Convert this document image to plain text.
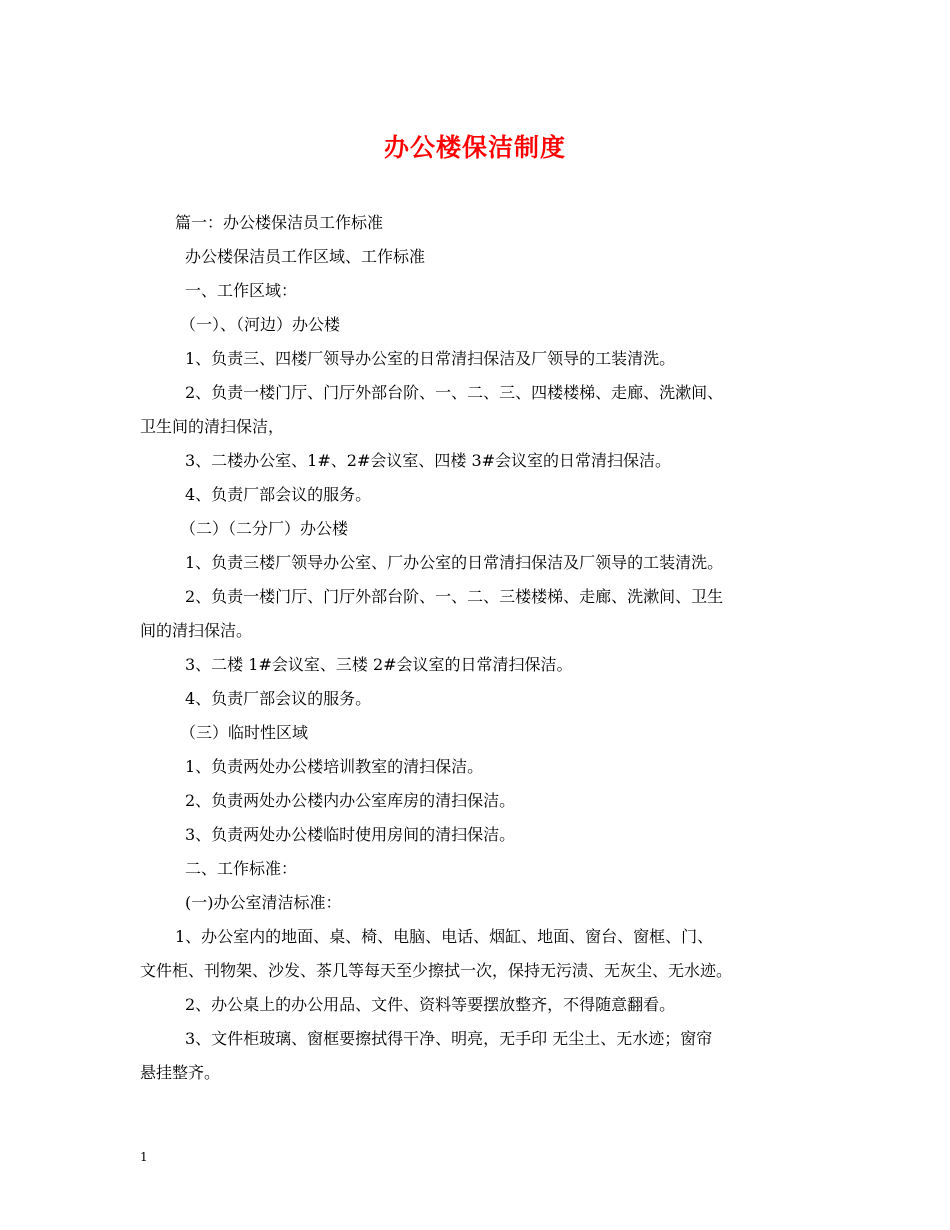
办公楼保洁制度

篇一：办公楼保洁员工作标准

办公楼保洁员工作区域、工作标准

一、工作区域：

（一）、（河边）办公楼

1、负责三、四楼厂领导办公室的日常清扫保洁及厂领导的工装清洗。

2、负责一楼门厅、门厅外部台阶、一、二、三、四楼楼梯、走廊、洗漱间、

卫生间的清扫保洁，

3、二楼办公室、1#、2#会议室、四楼 3#会议室的日常清扫保洁。

4、负责厂部会议的服务。

（二）（二分厂）办公楼

1、负责三楼厂领导办公室、厂办公室的日常清扫保洁及厂领导的工装清洗。

2、负责一楼门厅、门厅外部台阶、一、二、三楼楼梯、走廊、洗漱间、卫生

间的清扫保洁。

3、二楼 1#会议室、三楼 2#会议室的日常清扫保洁。

4、负责厂部会议的服务。

（三）临时性区域

1、负责两处办公楼培训教室的清扫保洁。

2、负责两处办公楼内办公室库房的清扫保洁。

3、负责两处办公楼临时使用房间的清扫保洁。

二、工作标准：

(一)办公室清洁标准：

1、办公室内的地面、桌、椅、电脑、电话、烟缸、地面、窗台、窗框、门、

文件柜、刊物架、沙发、茶几等每天至少擦拭一次，保持无污渍、无灰尘、无水迹。

2、办公桌上的办公用品、文件、资料等要摆放整齐，不得随意翻看。

3、文件柜玻璃、窗框要擦拭得干净、明亮，无手印 无尘土、无水迹；窗帘

悬挂整齐。

1
